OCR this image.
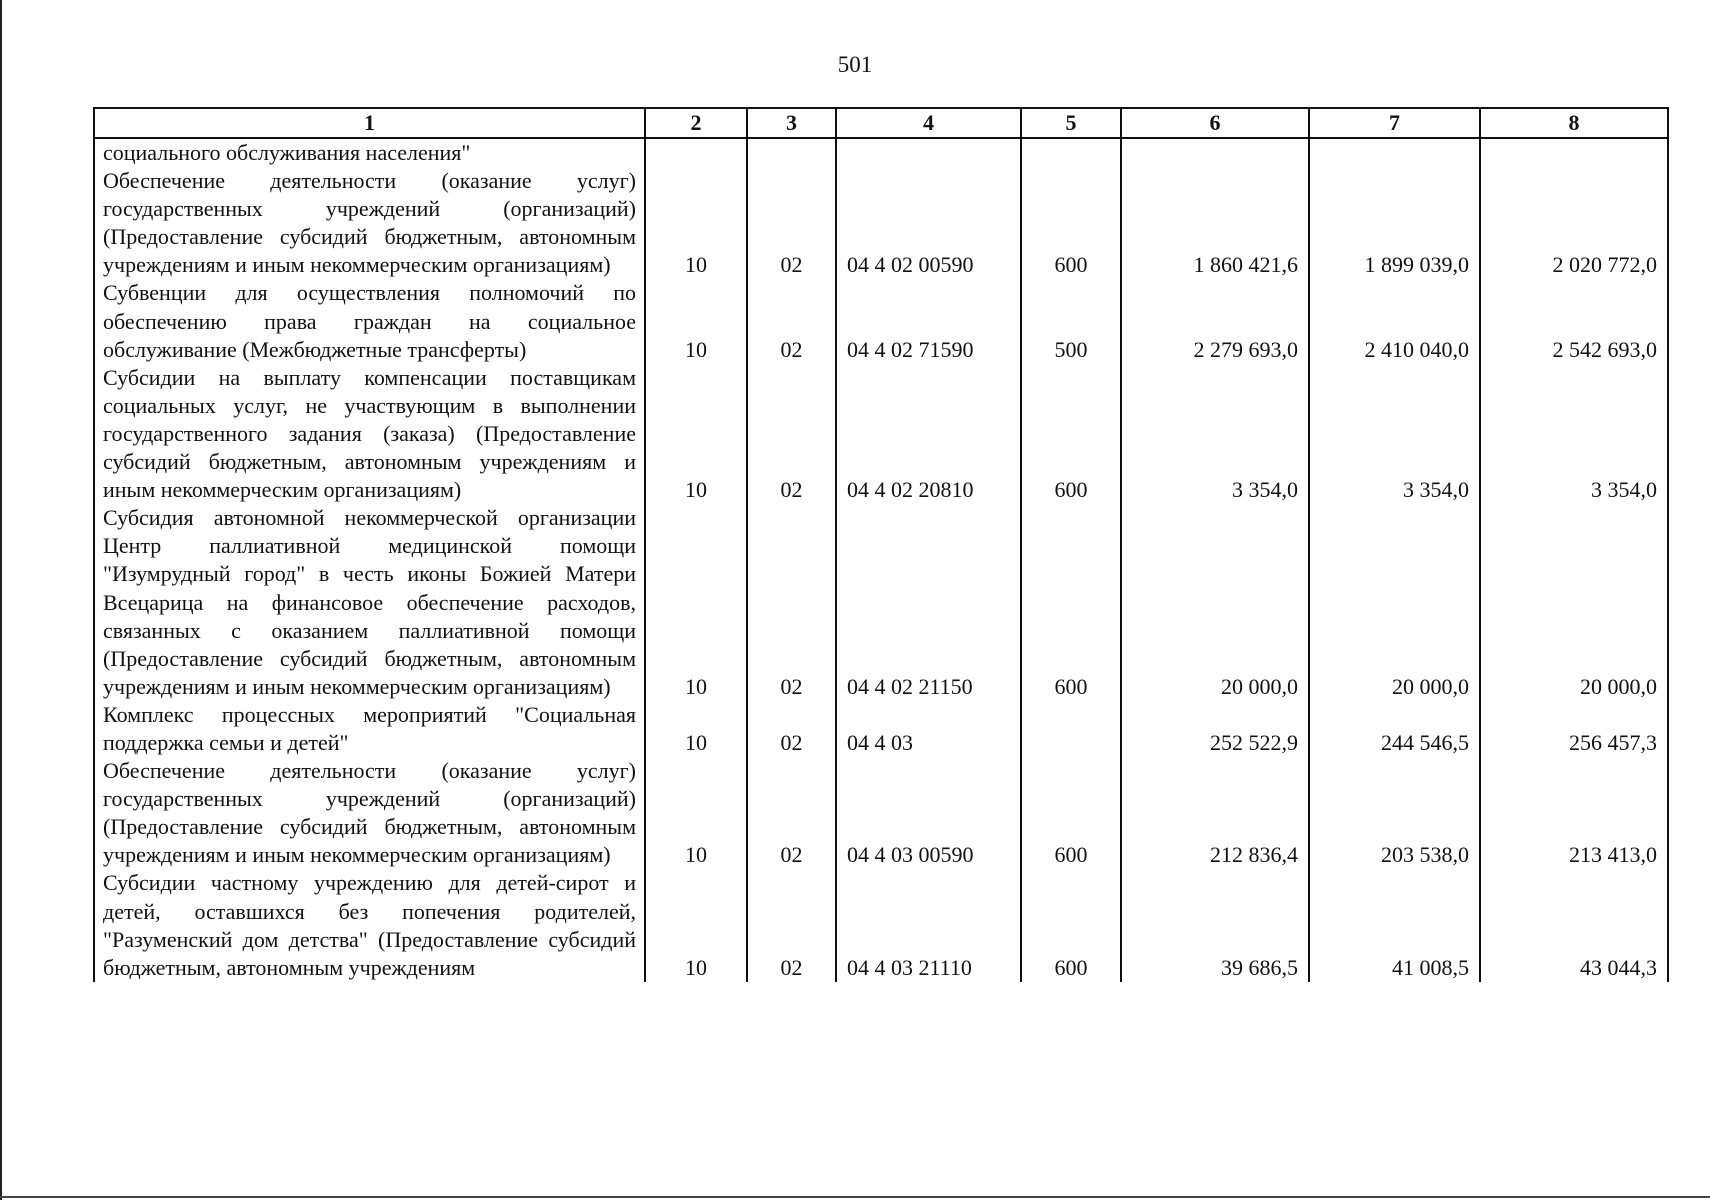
501
1	2	3	4	5	6	7	8
социального обслуживания населения"							
Обеспечение деятельности (оказание услуг) государственных учреждений (организаций) (Предоставление субсидий бюджетным, автономным учреждениям и иным некоммерческим организациям)	10	02	04 4 02 00590	600	1 860 421,6	1 899 039,0	2 020 772,0
Субвенции для осуществления полномочий по обеспечению права граждан на социальное обслуживание (Межбюджетные трансферты)	10	02	04 4 02 71590	500	2 279 693,0	2 410 040,0	2 542 693,0
Субсидии на выплату компенсации поставщикам социальных услуг, не участвующим в выполнении государственного задания (заказа) (Предоставление субсидий бюджетным, автономным учреждениям и иным некоммерческим организациям)	10	02	04 4 02 20810	600	3 354,0	3 354,0	3 354,0
Субсидия автономной некоммерческой организации Центр паллиативной медицинской помощи "Изумрудный город" в честь иконы Божией Матери Всецарица на финансовое обеспечение расходов, связанных с оказанием паллиативной помощи (Предоставление субсидий бюджетным, автономным учреждениям и иным некоммерческим организациям)	10	02	04 4 02 21150	600	20 000,0	20 000,0	20 000,0
Комплекс процессных мероприятий "Социальная поддержка семьи и детей"	10	02	04 4 03		252 522,9	244 546,5	256 457,3
Обеспечение деятельности (оказание услуг) государственных учреждений (организаций) (Предоставление субсидий бюджетным, автономным учреждениям и иным некоммерческим организациям)	10	02	04 4 03 00590	600	212 836,4	203 538,0	213 413,0
Субсидии частному учреждению для детей-сирот и детей, оставшихся без попечения родителей, "Разуменский дом детства" (Предоставление субсидий бюджетным, автономным учреждениям	10	02	04 4 03 21110	600	39 686,5	41 008,5	43 044,3
